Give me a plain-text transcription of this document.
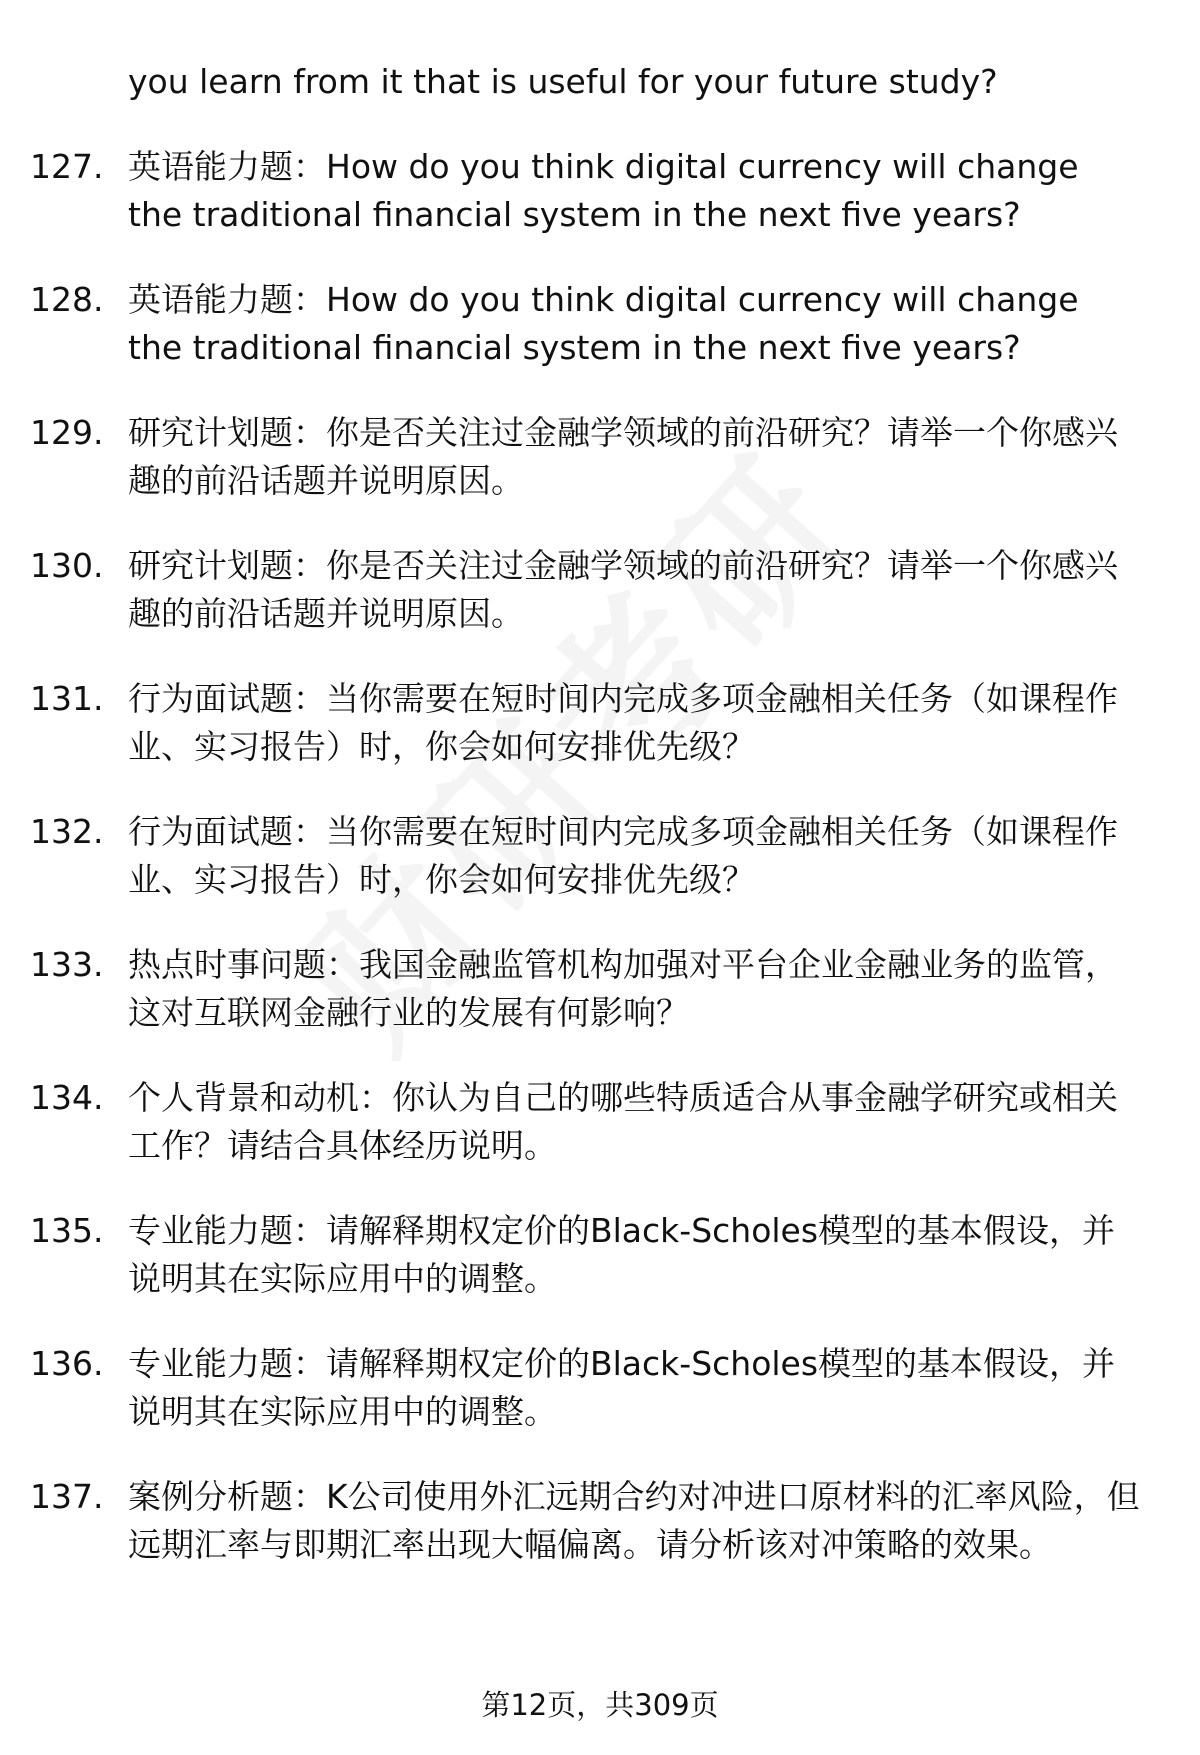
you learn from it that is useful for your future study?
127. 英语能力题：How do you think digital currency will change the traditional financial system in the next five years?
128. 英语能力题：How do you think digital currency will change the traditional financial system in the next five years?
129. 研究计划题：你是否关注过金融学领域的前沿研究？请举一个你感兴趣的前沿话题并说明原因。
130. 研究计划题：你是否关注过金融学领域的前沿研究？请举一个你感兴趣的前沿话题并说明原因。
131. 行为面试题：当你需要在短时间内完成多项金融相关任务（如课程作业、实习报告）时，你会如何安排优先级？
132. 行为面试题：当你需要在短时间内完成多项金融相关任务（如课程作业、实习报告）时，你会如何安排优先级？
133. 热点时事问题：我国金融监管机构加强对平台企业金融业务的监管，这对互联网金融行业的发展有何影响？
134. 个人背景和动机：你认为自己的哪些特质适合从事金融学研究或相关工作？请结合具体经历说明。
135. 专业能力题：请解释期权定价的Black-Scholes模型的基本假设，并说明其在实际应用中的调整。
136. 专业能力题：请解释期权定价的Black-Scholes模型的基本假设，并说明其在实际应用中的调整。
137. 案例分析题：K公司使用外汇远期合约对冲进口原材料的汇率风险，但远期汇率与即期汇率出现大幅偏离。请分析该对冲策略的效果。
第12页，共309页
